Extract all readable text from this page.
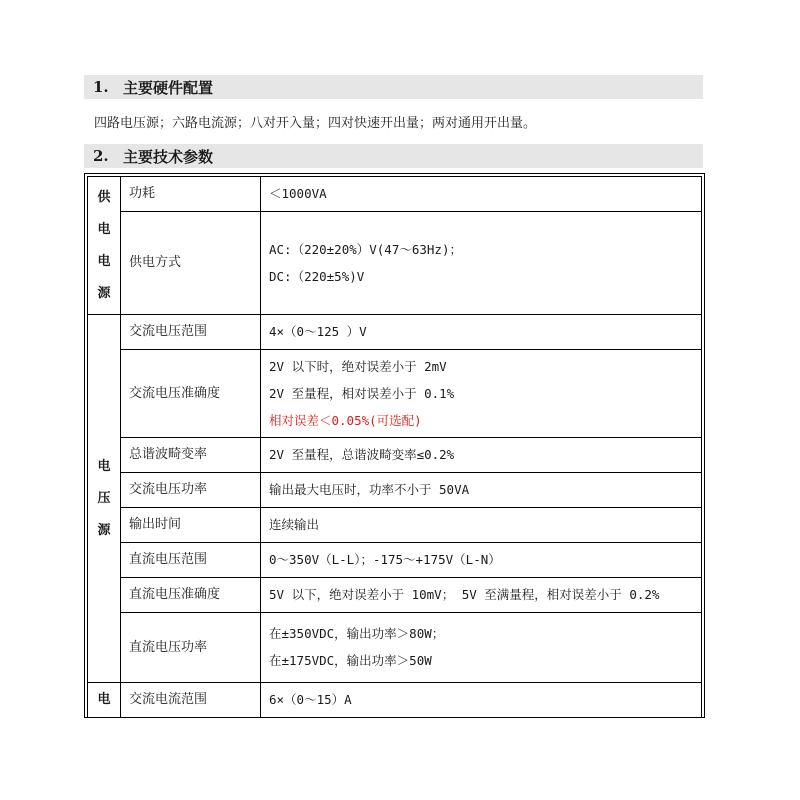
1. 主要硬件配置
四路电压源；六路电流源；八对开入量；四对快速开出量；两对通用开出量。
2. 主要技术参数
供
电
电
源	功耗	＜1000VA

	供电方式	AC:（220±20%）V(47～63Hz)；
DC:（220±5%)V

电
压
源	交流电压范围	4×（0～125 ）V

	交流电压准确度	2V 以下时，绝对误差小于 2mV
2V 至量程，相对误差小于 0.1%
相对误差＜0.05%(可选配)

	总谐波畸变率	2V 至量程，总谐波畸变率≤0.2%

	交流电压功率	输出最大电压时，功率不小于 50VA

	输出时间	连续输出

	直流电压范围	0～350V（L-L）；-175～+175V（L-N）

	直流电压准确度	5V 以下，绝对误差小于 10mV； 5V 至满量程，相对误差小于 0.2%

	直流电压功率	在±350VDC，输出功率＞80W；
在±175VDC，输出功率＞50W

电	交流电流范围	6×（0～15）A
